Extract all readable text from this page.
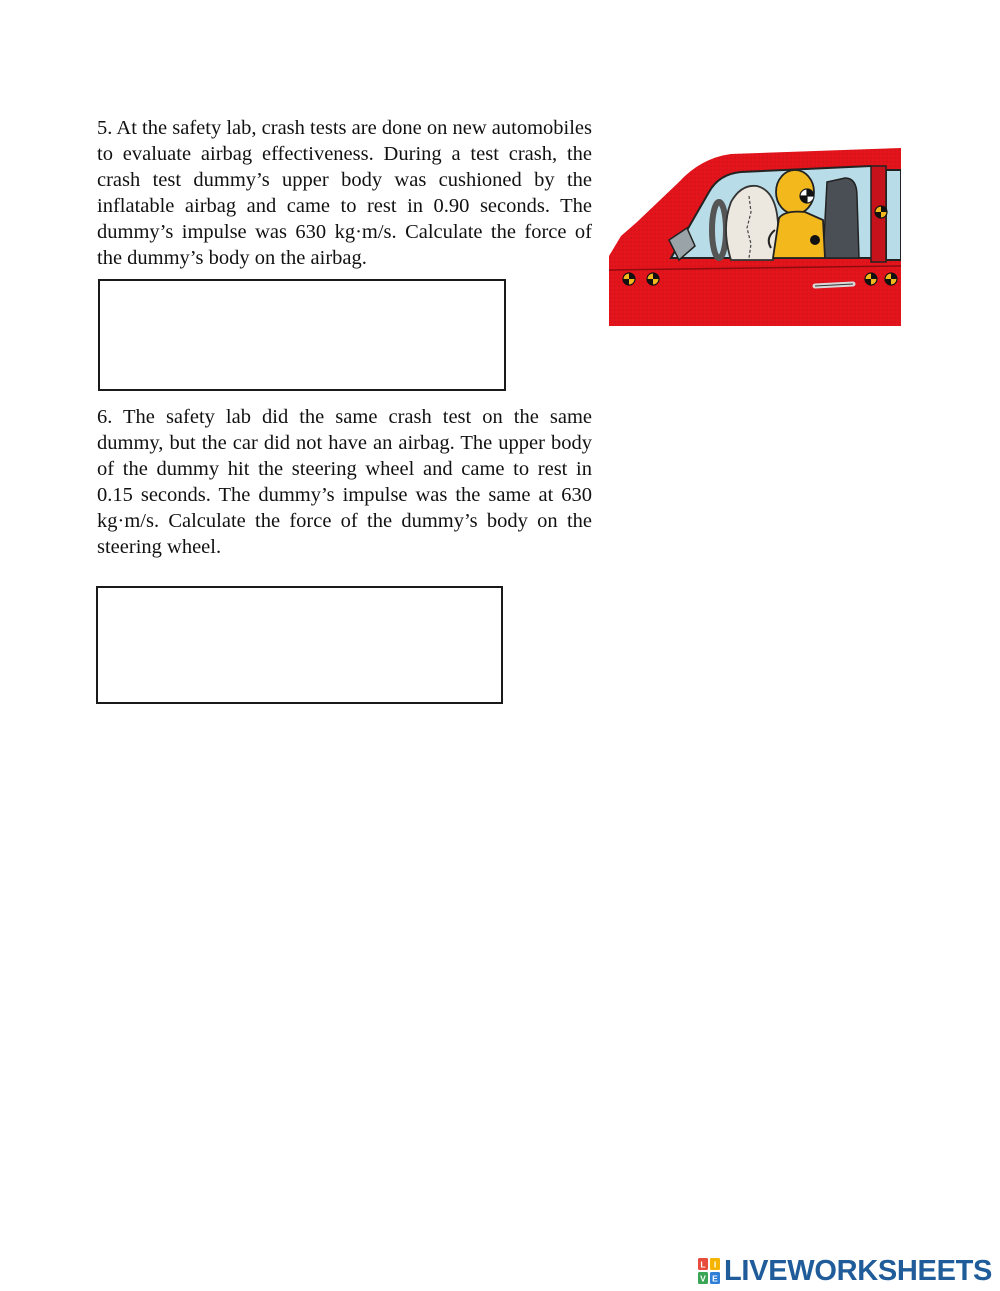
5. At the safety lab, crash tests are done on new automobiles to evaluate airbag effectiveness. During a test crash, the crash test dummy’s upper body was cushioned by the inflatable airbag and came to rest in 0.90 seconds. The dummy’s impulse was 630 kg·m/s. Calculate the force of the dummy’s body on the airbag.

6. The safety lab did the same crash test on the same dummy, but the car did not have an airbag. The upper body of the dummy hit the steering wheel and came to rest in 0.15 seconds. The dummy’s impulse was the same at 630 kg·m/s. Calculate the force of the dummy’s body on the steering wheel.

L I
V E LIVEWORKSHEETS
